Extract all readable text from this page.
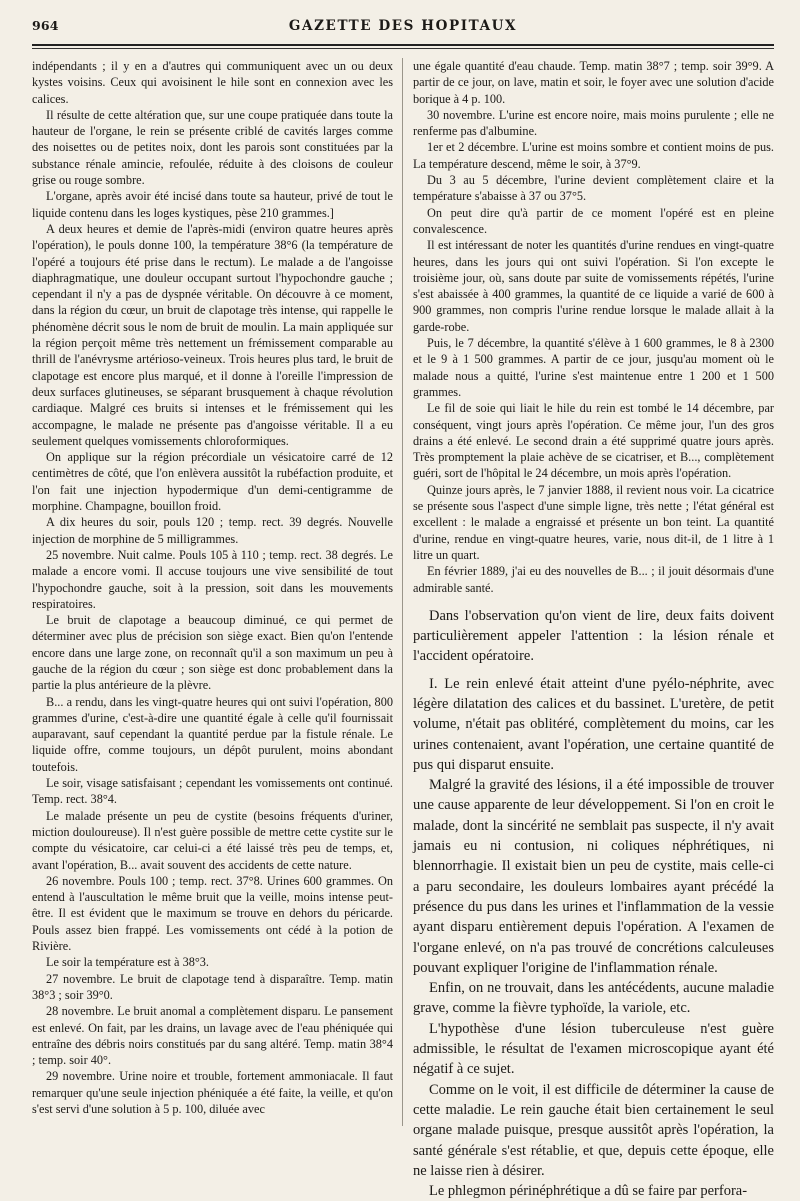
964	GAZETTE DES HOPITAUX

indépendants ; il y en a d'autres qui communiquent avec un ou deux kystes voisins. Ceux qui avoisinent le hile sont en connexion avec les calices.

Il résulte de cette altération que, sur une coupe pratiquée dans toute la hauteur de l'organe, le rein se présente criblé de cavités larges comme des noisettes ou de petites noix, dont les parois sont constituées par la substance rénale amincie, refoulée, réduite à des cloisons de couleur grise ou rouge sombre.

L'organe, après avoir été incisé dans toute sa hauteur, privé de tout le liquide contenu dans les loges kystiques, pèse 210 grammes.]

A deux heures et demie de l'après-midi (environ quatre heures après l'opération), le pouls donne 100, la température 38°6 (la température de l'opéré a toujours été prise dans le rectum). Le malade a de l'angoisse diaphragmatique, une douleur occupant surtout l'hypochondre gauche ; cependant il n'y a pas de dyspnée véritable. On découvre à ce moment, dans la région du cœur, un bruit de clapotage très intense, qui rappelle le phénomène décrit sous le nom de bruit de moulin. La main appliquée sur la région perçoit même très nettement un frémissement comparable au thrill de l'anévrysme artérioso-veineux. Trois heures plus tard, le bruit de clapotage est encore plus marqué, et il donne à l'oreille l'impression de deux surfaces glutineuses, se séparant brusquement à chaque révolution cardiaque. Malgré ces bruits si intenses et le frémissement qui les accompagne, le malade ne présente pas d'angoisse véritable. Il a eu seulement quelques vomissements chloroformiques.

On applique sur la région précordiale un vésicatoire carré de 12 centimètres de côté, que l'on enlèvera aussitôt la rubéfaction produite, et l'on fait une injection hypodermique d'un demi-centigramme de morphine. Champagne, bouillon froid.

A dix heures du soir, pouls 120 ; temp. rect. 39 degrés. Nouvelle injection de morphine de 5 milligrammes.

25 novembre. Nuit calme. Pouls 105 à 110 ; temp. rect. 38 degrés. Le malade a encore vomi. Il accuse toujours une vive sensibilité de tout l'hypochondre gauche, soit à la pression, soit dans les mouvements respiratoires.

Le bruit de clapotage a beaucoup diminué, ce qui permet de déterminer avec plus de précision son siège exact. Bien qu'on l'entende encore dans une large zone, on reconnaît qu'il a son maximum un peu à gauche de la région du cœur ; son siège est donc probablement dans la partie la plus antérieure de la plèvre.

B... a rendu, dans les vingt-quatre heures qui ont suivi l'opération, 800 grammes d'urine, c'est-à-dire une quantité égale à celle qu'il fournissait auparavant, sauf cependant la quantité perdue par la fistule rénale. Le liquide offre, comme toujours, un dépôt purulent, moins abondant toutefois.

Le soir, visage satisfaisant ; cependant les vomissements ont continué. Temp. rect. 38°4.

Le malade présente un peu de cystite (besoins fréquents d'uriner, miction douloureuse). Il n'est guère possible de mettre cette cystite sur le compte du vésicatoire, car celui-ci a été laissé très peu de temps, et, avant l'opération, B... avait souvent des accidents de cette nature.

26 novembre. Pouls 100 ; temp. rect. 37°8. Urines 600 grammes. On entend à l'auscultation le même bruit que la veille, moins intense peut-être. Il est évident que le maximum se trouve en dehors du péricarde. Pouls assez bien frappé. Les vomissements ont cédé à la potion de Rivière.

Le soir la température est à 38°3.

27 novembre. Le bruit de clapotage tend à disparaître. Temp. matin 38°3 ; soir 39°0.

28 novembre. Le bruit anomal a complètement disparu. Le pansement est enlevé. On fait, par les drains, un lavage avec de l'eau phéniquée qui entraîne des débris noirs constitués par du sang altéré. Temp. matin 38°4 ; temp. soir 40°.

29 novembre. Urine noire et trouble, fortement ammoniacale. Il faut remarquer qu'une seule injection phéniquée a été faite, la veille, et qu'on s'est servi d'une solution à 5 p. 100, diluée avec

une égale quantité d'eau chaude. Temp. matin 38°7 ; temp. soir 39°9. A partir de ce jour, on lave, matin et soir, le foyer avec une solution d'acide borique à 4 p. 100.

30 novembre. L'urine est encore noire, mais moins purulente ; elle ne renferme pas d'albumine.

1er et 2 décembre. L'urine est moins sombre et contient moins de pus. La température descend, même le soir, à 37°9.

Du 3 au 5 décembre, l'urine devient complètement claire et la température s'abaisse à 37 ou 37°5.

On peut dire qu'à partir de ce moment l'opéré est en pleine convalescence.

Il est intéressant de noter les quantités d'urine rendues en vingt-quatre heures, dans les jours qui ont suivi l'opération. Si l'on excepte le troisième jour, où, sans doute par suite de vomissements répétés, l'urine s'est abaissée à 400 grammes, la quantité de ce liquide a varié de 600 à 900 grammes, non compris l'urine rendue lorsque le malade allait à la garde-robe.

Puis, le 7 décembre, la quantité s'élève à 1 600 grammes, le 8 à 2300 et le 9 à 1 500 grammes. A partir de ce jour, jusqu'au moment où le malade nous a quitté, l'urine s'est maintenue entre 1 200 et 1 500 grammes.

Le fil de soie qui liait le hile du rein est tombé le 14 décembre, par conséquent, vingt jours après l'opération. Ce même jour, l'un des gros drains a été enlevé. Le second drain a été supprimé quatre jours après. Très promptement la plaie achève de se cicatriser, et B..., complètement guéri, sort de l'hôpital le 24 décembre, un mois après l'opération.

Quinze jours après, le 7 janvier 1888, il revient nous voir. La cicatrice se présente sous l'aspect d'une simple ligne, très nette ; l'état général est excellent : le malade a engraissé et présente un bon teint. La quantité d'urine, rendue en vingt-quatre heures, varie, nous dit-il, de 1 litre à 1 litre un quart.

En février 1889, j'ai eu des nouvelles de B... ; il jouit désormais d'une admirable santé.

Dans l'observation qu'on vient de lire, deux faits doivent particulièrement appeler l'attention : la lésion rénale et l'accident opératoire.

I. Le rein enlevé était atteint d'une pyélo-néphrite, avec légère dilatation des calices et du bassinet. L'uretère, de petit volume, n'était pas oblitéré, complètement du moins, car les urines contenaient, avant l'opération, une certaine quantité de pus qui disparut ensuite.

Malgré la gravité des lésions, il a été impossible de trouver une cause apparente de leur développement. Si l'on en croit le malade, dont la sincérité ne semblait pas suspecte, il n'y avait jamais eu ni contusion, ni coliques néphrétiques, ni blennorrhagie. Il existait bien un peu de cystite, mais celle-ci a paru secondaire, les douleurs lombaires ayant précédé la présence du pus dans les urines et l'inflammation de la vessie ayant disparu entièrement depuis l'opération. A l'examen de l'organe enlevé, on n'a pas trouvé de concrétions calculeuses pouvant expliquer l'origine de l'inflammation rénale.

Enfin, on ne trouvait, dans les antécédents, aucune maladie grave, comme la fièvre typhoïde, la variole, etc.

L'hypothèse d'une lésion tuberculeuse n'est guère admissible, le résultat de l'examen microscopique ayant été négatif à ce sujet.

Comme on le voit, il est difficile de déterminer la cause de cette maladie. Le rein gauche était bien certainement le seul organe malade puisque, presque aussitôt après l'opération, la santé générale s'est rétablie, et que, depuis cette époque, elle ne laisse rien à désirer.

Le phlegmon périnéphrétique a dû se faire par perfora-
